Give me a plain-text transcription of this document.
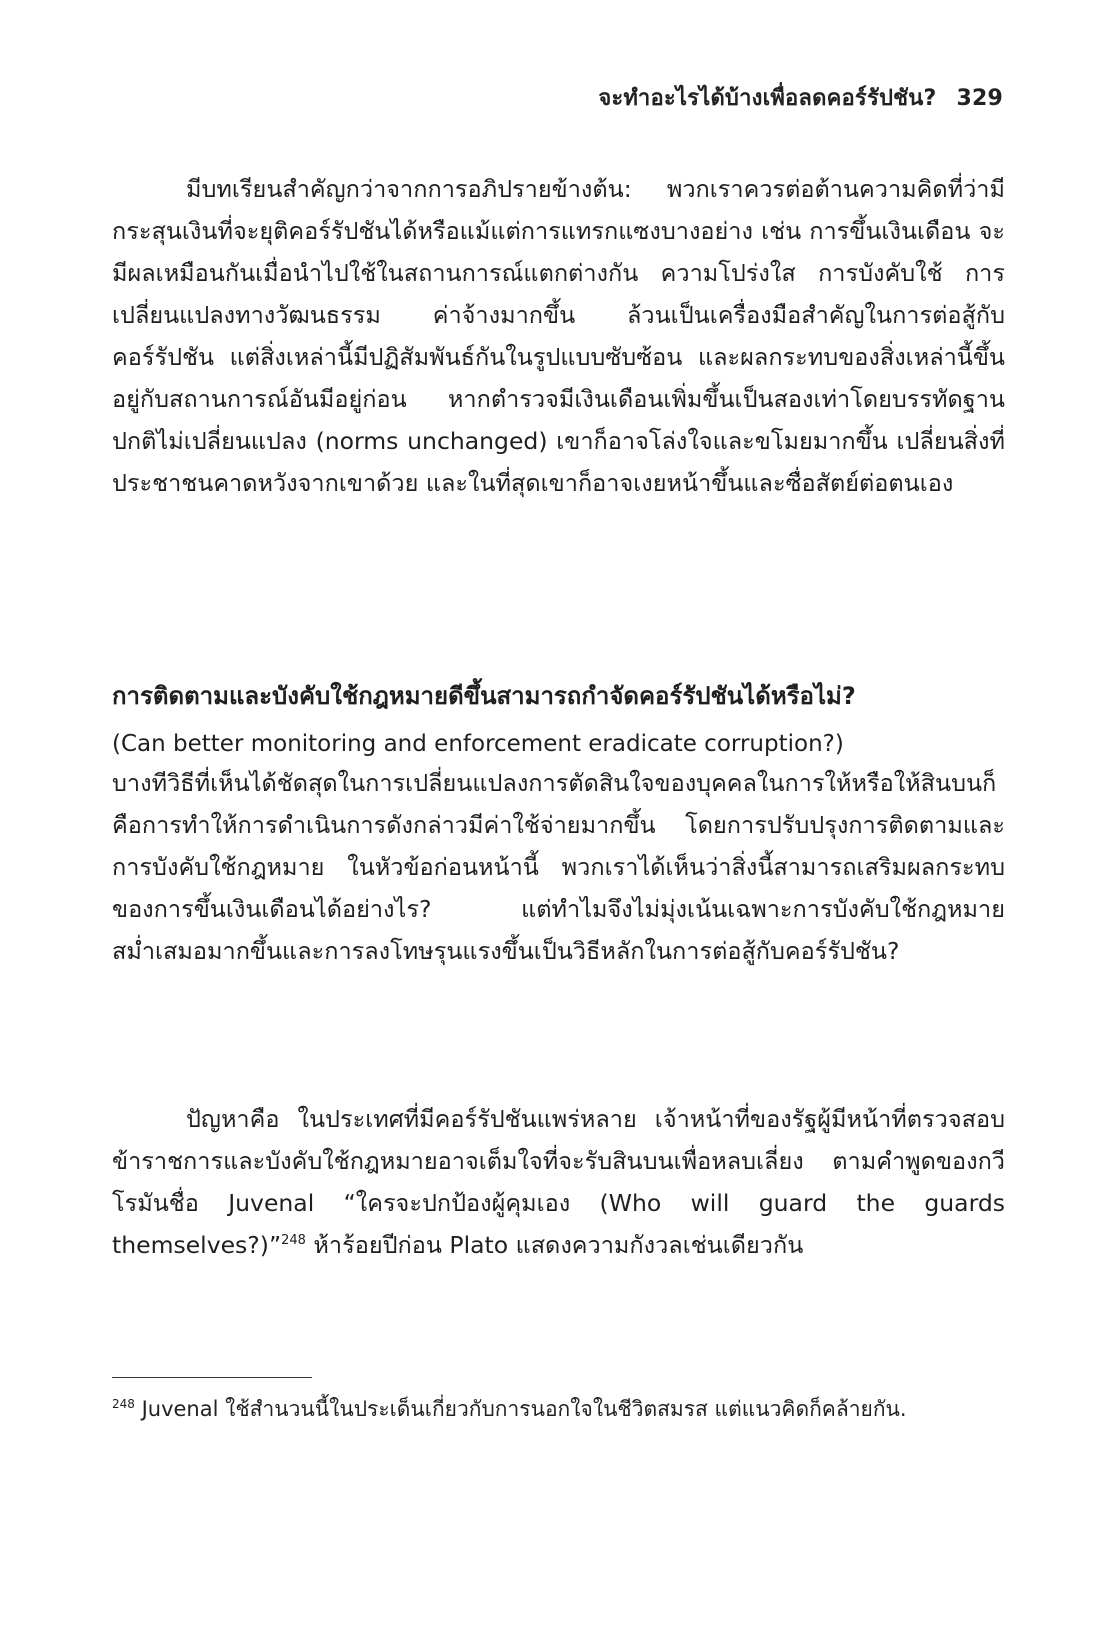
จะทำอะไรได้บ้างเพื่อลดคอร์รัปชัน? 329

มีบทเรียนสำคัญกว่าจากการอภิปรายข้างต้น: พวกเราควรต่อต้านความคิดที่ว่ามีกระสุนเงินที่จะยุติคอร์รัปชันได้หรือแม้แต่การแทรกแซงบางอย่าง เช่น การขึ้นเงินเดือน จะมีผลเหมือนกันเมื่อนำไปใช้ในสถานการณ์แตกต่างกัน ความโปร่งใส การบังคับใช้ การเปลี่ยนแปลงทางวัฒนธรรม ค่าจ้างมากขึ้น ล้วนเป็นเครื่องมือสำคัญในการต่อสู้กับคอร์รัปชัน แต่สิ่งเหล่านี้มีปฏิสัมพันธ์กันในรูปแบบซับซ้อน และผลกระทบของสิ่งเหล่านี้ขึ้นอยู่กับสถานการณ์อันมีอยู่ก่อน หากตำรวจมีเงินเดือนเพิ่มขึ้นเป็นสองเท่าโดยบรรทัดฐานปกติไม่เปลี่ยนแปลง (norms unchanged) เขาก็อาจโล่งใจและขโมยมากขึ้น เปลี่ยนสิ่งที่ประชาชนคาดหวังจากเขาด้วย และในที่สุดเขาก็อาจเงยหน้าขึ้นและซื่อสัตย์ต่อตนเอง

การติดตามและบังคับใช้กฎหมายดีขึ้นสามารถกำจัดคอร์รัปชันได้หรือไม่?
(Can better monitoring and enforcement eradicate corruption?)

บางทีวิธีที่เห็นได้ชัดสุดในการเปลี่ยนแปลงการตัดสินใจของบุคคลในการให้หรือให้สินบนก็คือการทำให้การดำเนินการดังกล่าวมีค่าใช้จ่ายมากขึ้น โดยการปรับปรุงการติดตามและการบังคับใช้กฎหมาย ในหัวข้อก่อนหน้านี้ พวกเราได้เห็นว่าสิ่งนี้สามารถเสริมผลกระทบของการขึ้นเงินเดือนได้อย่างไร? แต่ทำไมจึงไม่มุ่งเน้นเฉพาะการบังคับใช้กฎหมายสม่ำเสมอมากขึ้นและการลงโทษรุนแรงขึ้นเป็นวิธีหลักในการต่อสู้กับคอร์รัปชัน?

ปัญหาคือ ในประเทศที่มีคอร์รัปชันแพร่หลาย เจ้าหน้าที่ของรัฐผู้มีหน้าที่ตรวจสอบข้าราชการและบังคับใช้กฎหมายอาจเต็มใจที่จะรับสินบนเพื่อหลบเลี่ยง ตามคำพูดของกวีโรมันชื่อ Juvenal “ใครจะปกป้องผู้คุมเอง (Who will guard the guards themselves?)”$^{248}$ ห้าร้อยปีก่อน Plato แสดงความกังวลเช่นเดียวกัน

$^{248}$ Juvenal ใช้สำนวนนี้ในประเด็นเกี่ยวกับการนอกใจในชีวิตสมรส แต่แนวคิดก็คล้ายกัน.
